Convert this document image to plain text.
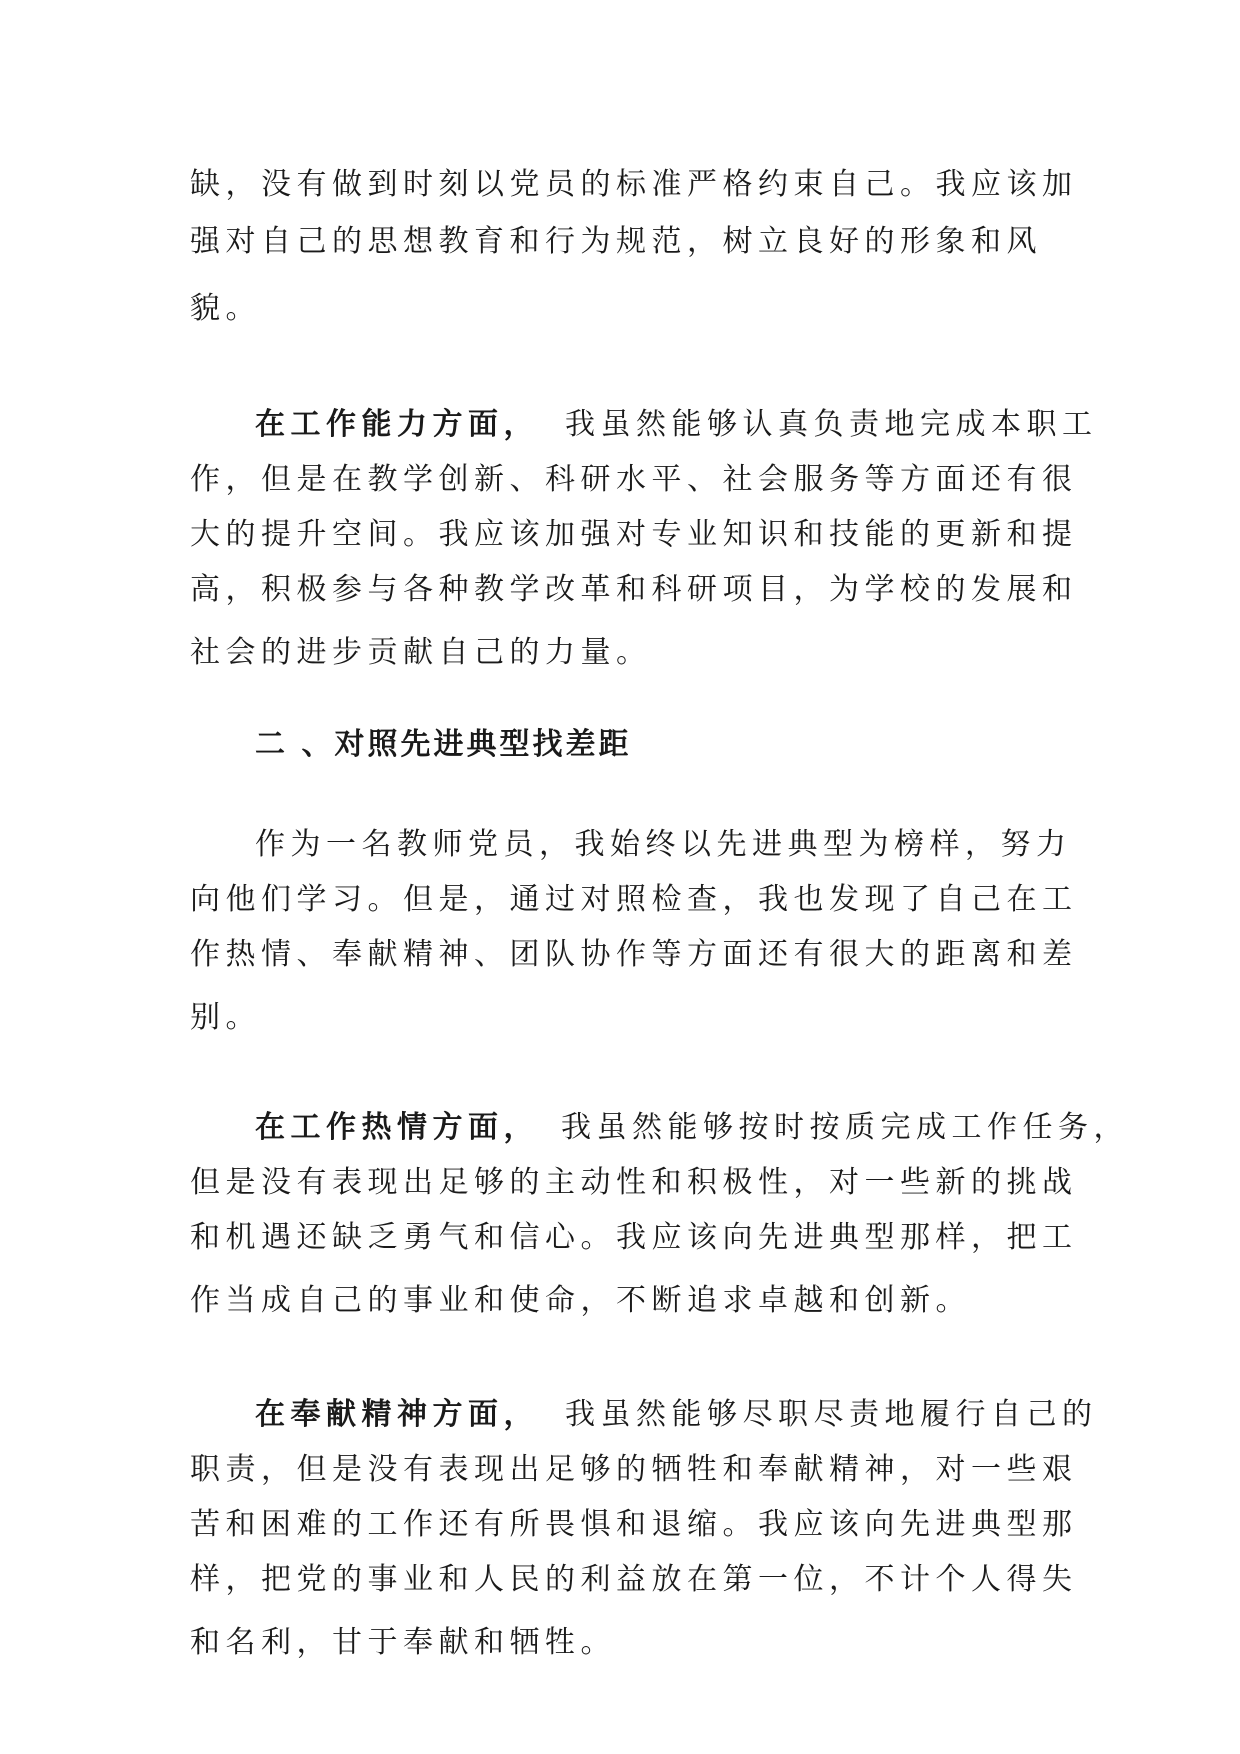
缺，没有做到时刻以党员的标准严格约束自己。我应该加
强对自己的思想教育和行为规范，树立良好的形象和风
貌。
在工作能力方面， 我虽然能够认真负责地完成本职工
作，但是在教学创新、科研水平、社会服务等方面还有很
大的提升空间。我应该加强对专业知识和技能的更新和提
高，积极参与各种教学改革和科研项目，为学校的发展和
社会的进步贡献自己的力量。
二 、对照先进典型找差距
作为一名教师党员，我始终以先进典型为榜样，努力
向他们学习。但是，通过对照检查，我也发现了自己在工
作热情、奉献精神、团队协作等方面还有很大的距离和差
别。
在工作热情方面， 我虽然能够按时按质完成工作任务，
但是没有表现出足够的主动性和积极性，对一些新的挑战
和机遇还缺乏勇气和信心。我应该向先进典型那样，把工
作当成自己的事业和使命，不断追求卓越和创新。
在奉献精神方面， 我虽然能够尽职尽责地履行自己的
职责，但是没有表现出足够的牺牲和奉献精神，对一些艰
苦和困难的工作还有所畏惧和退缩。我应该向先进典型那
样，把党的事业和人民的利益放在第一位，不计个人得失
和名利，甘于奉献和牺牲。
